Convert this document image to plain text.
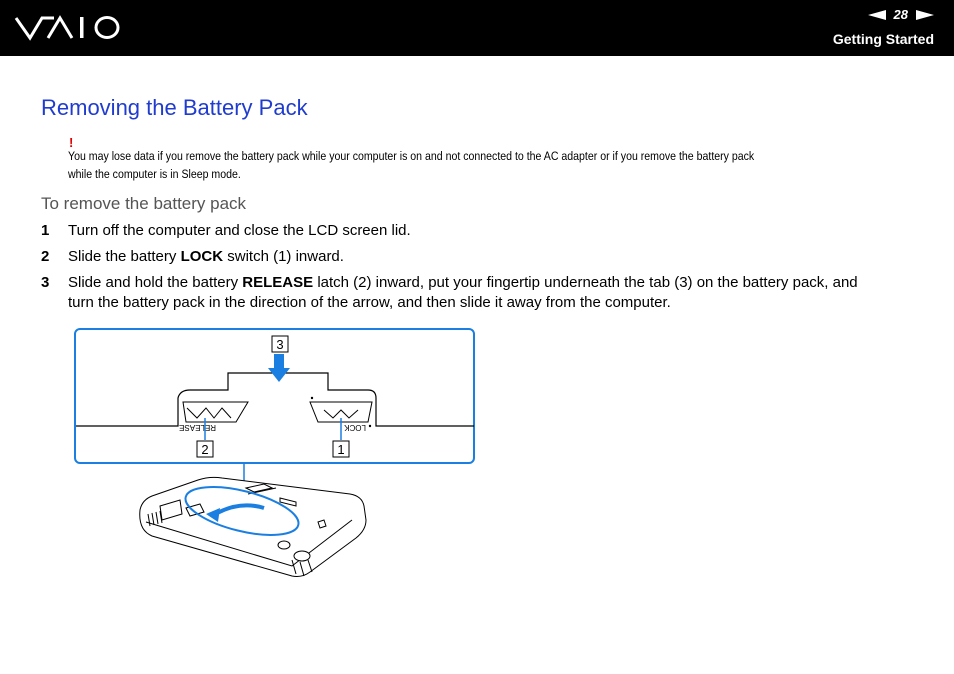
28
Getting Started
Removing the Battery Pack
!
You may lose data if you remove the battery pack while your computer is on and not connected to the AC adapter or if you remove the battery pack
while the computer is in Sleep mode.
To remove the battery pack
1 Turn off the computer and close the LCD screen lid.
2 Slide the battery LOCK switch (1) inward.
3 Slide and hold the battery RELEASE latch (2) inward, put your fingertip underneath the tab (3) on the battery pack, and
turn the battery pack in the direction of the arrow, and then slide it away from the computer.
RELEASE	LOCK
3
2	1
